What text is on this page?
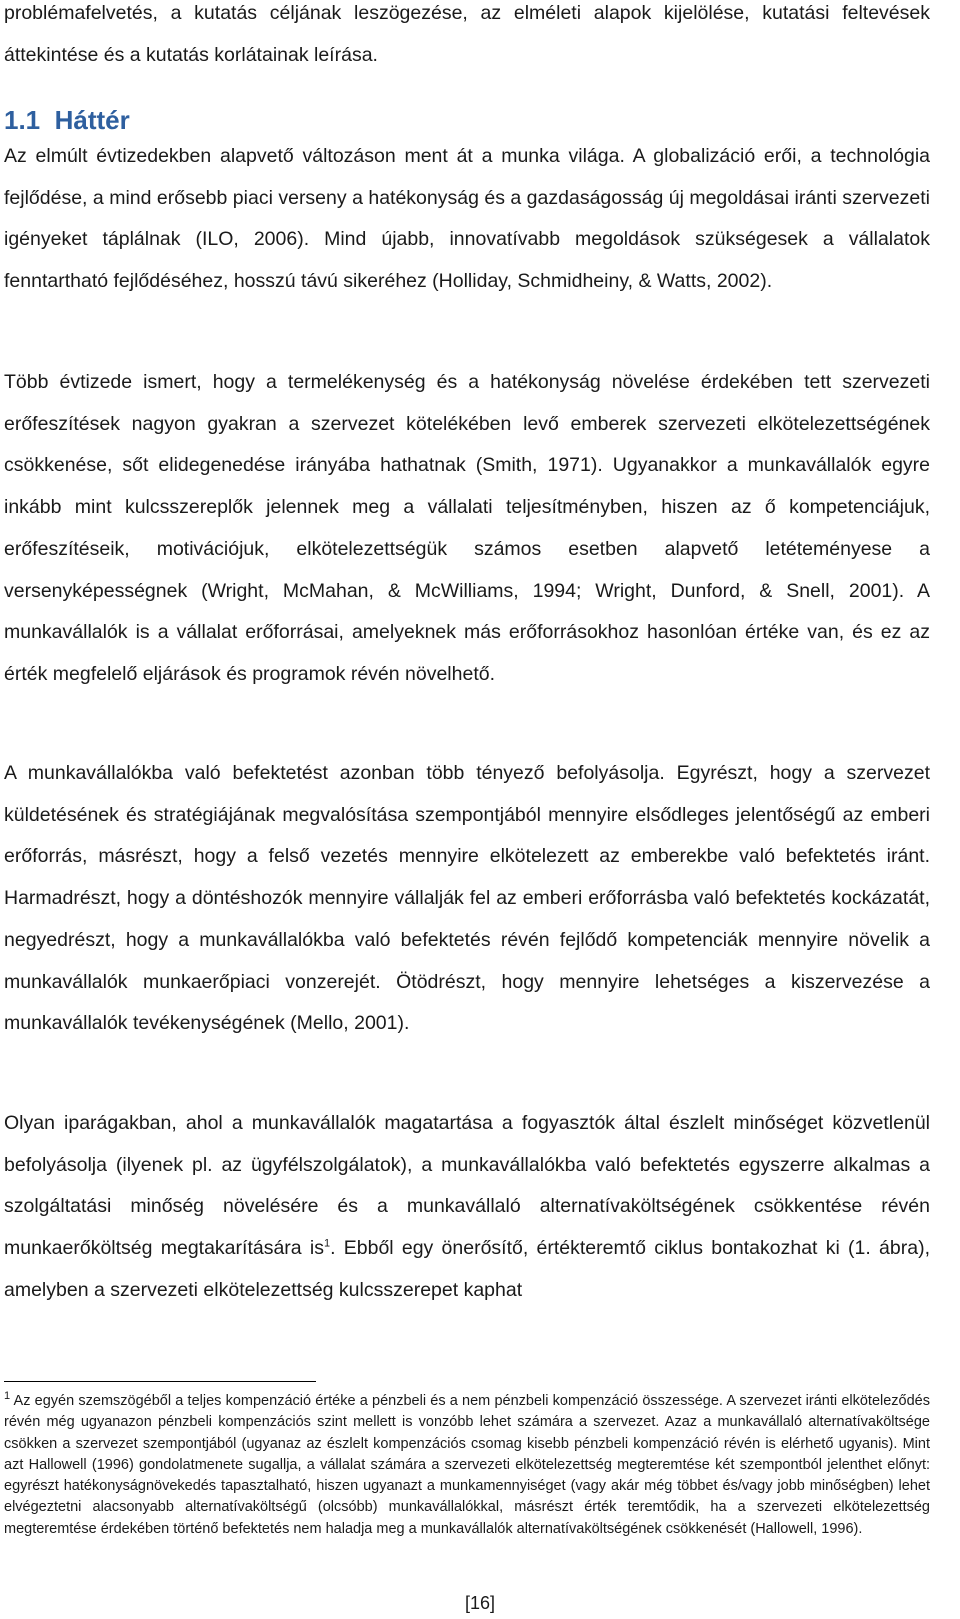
problémafelvetés, a kutatás céljának leszögezése, az elméleti alapok kijelölése, kutatási feltevések áttekintése és a kutatás korlátainak leírása.

1.1 Háttér

Az elmúlt évtizedekben alapvető változáson ment át a munka világa. A globalizáció erői, a technológia fejlődése, a mind erősebb piaci verseny a hatékonyság és a gazdaságosság új megoldásai iránti szervezeti igényeket táplálnak (ILO, 2006). Mind újabb, innovatívabb megoldások szükségesek a vállalatok fenntartható fejlődéséhez, hosszú távú sikeréhez (Holliday, Schmidheiny, & Watts, 2002).

Több évtizede ismert, hogy a termelékenység és a hatékonyság növelése érdekében tett szervezeti erőfeszítések nagyon gyakran a szervezet kötelékében levő emberek szervezeti elkötelezettségének csökkenése, sőt elidegenedése irányába hathatnak (Smith, 1971). Ugyanakkor a munkavállalók egyre inkább mint kulcsszereplők jelennek meg a vállalati teljesítményben, hiszen az ő kompetenciájuk, erőfeszítéseik, motivációjuk, elkötelezettségük számos esetben alapvető letéteményese a versenyképességnek (Wright, McMahan, & McWilliams, 1994; Wright, Dunford, & Snell, 2001). A munkavállalók is a vállalat erőforrásai, amelyeknek más erőforrásokhoz hasonlóan értéke van, és ez az érték megfelelő eljárások és programok révén növelhető.

A munkavállalókba való befektetést azonban több tényező befolyásolja. Egyrészt, hogy a szervezet küldetésének és stratégiájának megvalósítása szempontjából mennyire elsődleges jelentőségű az emberi erőforrás, másrészt, hogy a felső vezetés mennyire elkötelezett az emberekbe való befektetés iránt. Harmadrészt, hogy a döntéshozók mennyire vállalják fel az emberi erőforrásba való befektetés kockázatát, negyedrészt, hogy a munkavállalókba való befektetés révén fejlődő kompetenciák mennyire növelik a munkavállalók munkaerőpiaci vonzerejét. Ötödrészt, hogy mennyire lehetséges a kiszervezése a munkavállalók tevékenységének (Mello, 2001).

Olyan iparágakban, ahol a munkavállalók magatartása a fogyasztók által észlelt minőséget közvetlenül befolyásolja (ilyenek pl. az ügyfélszolgálatok), a munkavállalókba való befektetés egyszerre alkalmas a szolgáltatási minőség növelésére és a munkavállaló alternatívaköltségének csökkentése révén munkaerőköltség megtakarítására $is^1$. Ebből egy önerősítő, értékteremtő ciklus bontakozhat ki (1. ábra), amelyben a szervezeti elkötelezettség kulcsszerepet kaphat

$^1$ Az egyén szemszögéből a teljes kompenzáció értéke a pénzbeli és a nem pénzbeli kompenzáció összessége. A szervezet iránti elköteleződés révén még ugyanazon pénzbeli kompenzációs szint mellett is vonzóbb lehet számára a szervezet. Azaz a munkavállaló alternatívaköltsége csökken a szervezet szempontjából (ugyanaz az észlelt kompenzációs csomag kisebb pénzbeli kompenzáció révén is elérhető ugyanis). Mint azt Hallowell (1996) gondolatmenete sugallja, a vállalat számára a szervezeti elkötelezettség megteremtése két szempontból jelenthet előnyt: egyrészt hatékonyságnövekedés tapasztalható, hiszen ugyanazt a munkamennyiséget (vagy akár még többet és/vagy jobb minőségben) lehet elvégeztetni alacsonyabb alternatívaköltségű (olcsóbb) munkavállalókkal, másrészt érték teremtődik, ha a szervezeti elkötelezettség megteremtése érdekében történő befektetés nem haladja meg a munkavállalók alternatívaköltségének csökkenését (Hallowell, 1996).

[16]
